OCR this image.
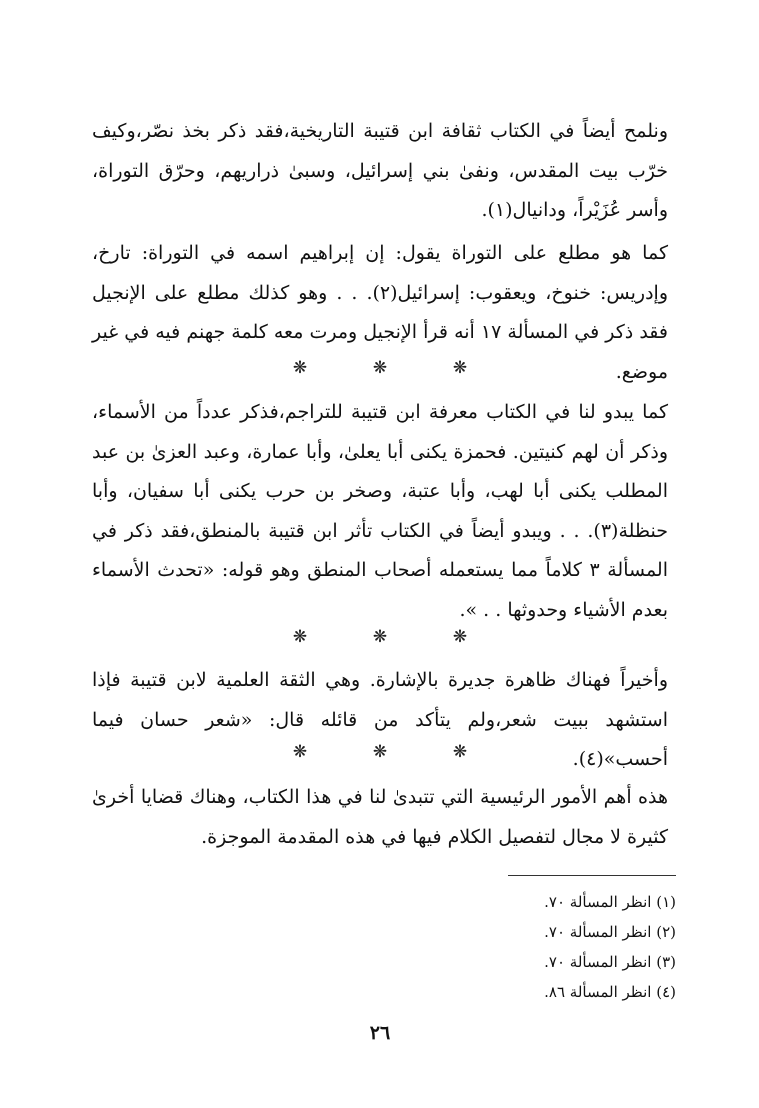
ونلمح أيضاً في الكتاب ثقافة ابن قتيبة التاريخية،فقد ذكر بخذ نصّر،وكيف خرّب بيت المقدس، ونفىٰ بني إسرائيل، وسبىٰ ذراريهم، وحرّق التوراة، وأسر عُزَيْراً، ودانيال(١).

كما هو مطلع على التوراة يقول: إن إبراهيم اسمه في التوراة: تارخ، وإدريس: خنوخ، ويعقوب: إسرائيل(٢). . . وهو كذلك مطلع على الإنجيل فقد ذكر في المسألة ١٧ أنه قرأ الإنجيل ومرت معه كلمة جهنم فيه في غير موضع.

❋	❋	❋

كما يبدو لنا في الكتاب معرفة ابن قتيبة للتراجم،فذكر عدداً من الأسماء، وذكر أن لهم كنيتين. فحمزة يكنى أبا يعلىٰ، وأبا عمارة، وعبد العزىٰ بن عبد المطلب يكنى أبا لهب، وأبا عتبة، وصخر بن حرب يكنى أبا سفيان، وأبا حنظلة(٣). . . ويبدو أيضاً في الكتاب تأثر ابن قتيبة بالمنطق،فقد ذكر في المسألة ٣ كلاماً مما يستعمله أصحاب المنطق وهو قوله: «تحدث الأسماء بعدم الأشياء وحدوثها . . ».

❋	❋	❋

وأخيراً فهناك ظاهرة جديرة بالإشارة. وهي الثقة العلمية لابن قتيبة فإذا استشهد ببيت شعر،ولم يتأكد من قائله قال: «شعر حسان فيما أحسب»(٤).

❋	❋	❋

هذه أهم الأمور الرئيسية التي تتبدىٰ لنا في هذا الكتاب، وهناك قضايا أخرىٰ كثيرة لا مجال لتفصيل الكلام فيها في هذه المقدمة الموجزة.

(١) انظر المسألة ٧٠.
(٢) انظر المسألة ٧٠.
(٣) انظر المسألة ٧٠.
(٤) انظر المسألة ٨٦.
٢٦
